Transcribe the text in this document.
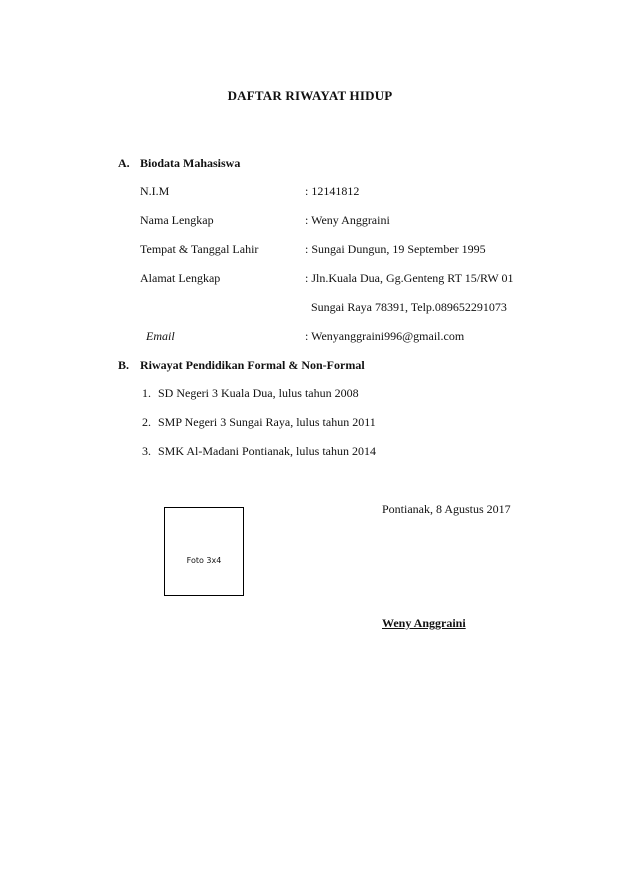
DAFTAR RIWAYAT HIDUP
A. Biodata Mahasiswa
N.I.M	: 12141812
Nama Lengkap	: Weny Anggraini
Tempat & Tanggal Lahir	: Sungai Dungun, 19 September 1995
Alamat Lengkap	: Jln.Kuala Dua, Gg.Genteng RT 15/RW 01
Sungai Raya 78391, Telp.089652291073
Email	: Wenyanggraini996@gmail.com
B. Riwayat Pendidikan Formal & Non-Formal
1. SD Negeri 3 Kuala Dua, lulus tahun 2008
2. SMP Negeri 3 Sungai Raya, lulus tahun 2011
3. SMK Al-Madani Pontianak, lulus tahun 2014
Foto 3x4
Pontianak, 8 Agustus 2017
Weny Anggraini
